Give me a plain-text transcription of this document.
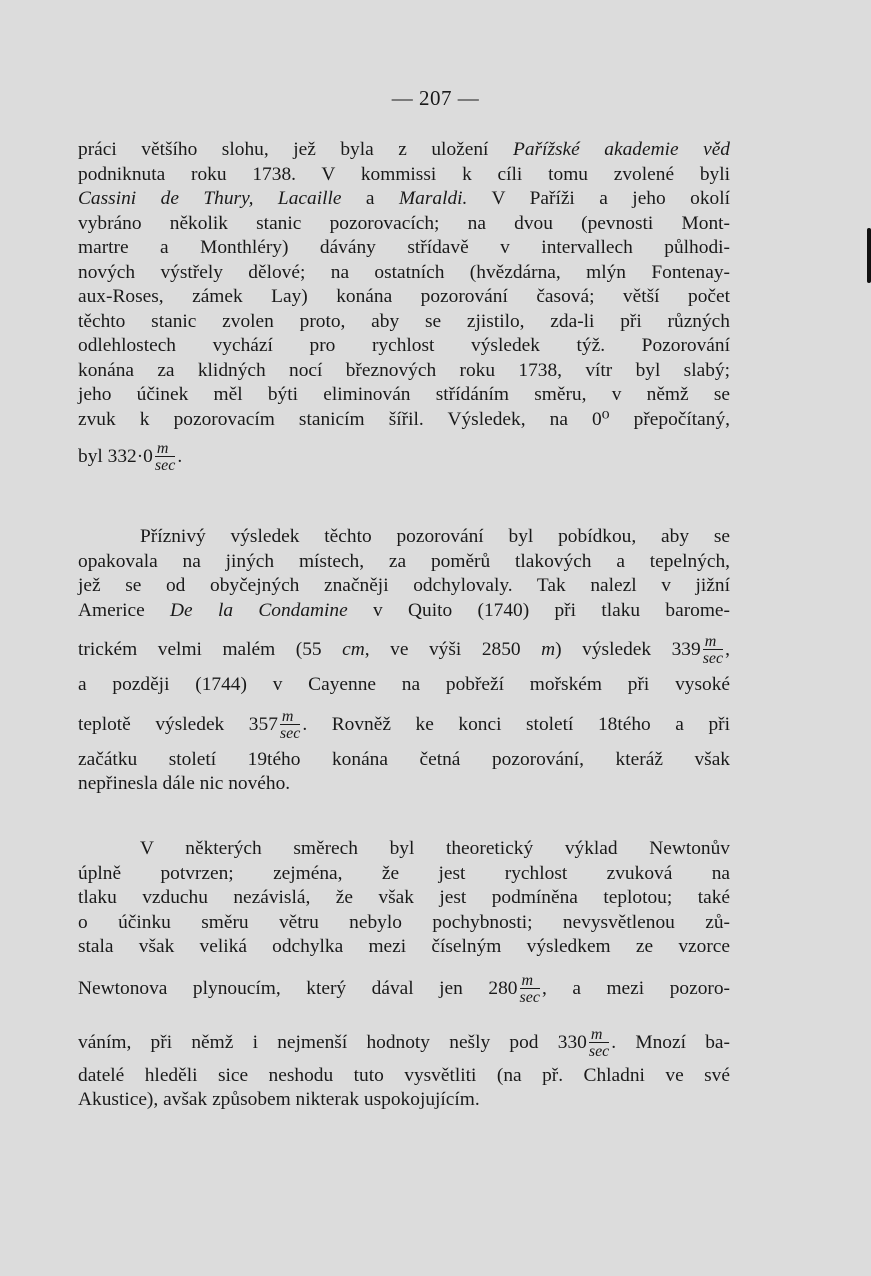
— 207 —
práci většího slohu, jež byla z uložení Pařížské akademie věd
podniknuta roku 1738. V kommissi k cíli tomu zvolené byli
Cassini de Thury, Lacaille a Maraldi. V Paříži a jeho okolí
vybráno několik stanic pozorovacích; na dvou (pevnosti Mont-
martre a Monthléry) dávány střídavě v intervallech půlhodi-
nových výstřely dělové; na ostatních (hvězdárna, mlýn Fontenay-
aux-Roses, zámek Lay) konána pozorování časová; větší počet
těchto stanic zvolen proto, aby se zjistilo, zda-li při různých
odlehlostech vychází pro rychlost výsledek týž. Pozorování
konána za klidných nocí březnových roku 1738, vítr byl slabý;
jeho účinek měl býti eliminován střídáním směru, v němž se
zvuk k pozorovacím stanicím šířil. Výsledek, na 0⁰ přepočítaný,
byl $332\cdot 0 \frac{m}{\sec}$ .
Příznivý výsledek těchto pozorování byl pobídkou, aby se
opakovala na jiných místech, za poměrů tlakových a tepelných,
jež se od obyčejných značněji odchylovaly. Tak nalezl v jižní
Americe De la Condamine v Quito (1740) při tlaku barome-
trickém velmi malém (55 cm, ve výši 2850 m) výsledek $339 \frac{m}{\sec}$ ,
a později (1744) v Cayenne na pobřeží mořském při vysoké
teplotě výsledek $357 \frac{m}{\sec}$ . Rovněž ke konci století 18tého a při
začátku století 19tého konána četná pozorování, kteráž však
nepřinesla dále nic nového.
V některých směrech byl theoretický výklad Newtonův
úplně potvrzen; zejména, že jest rychlost zvuková na
tlaku vzduchu nezávislá, že však jest podmíněna teplotou; také
o účinku směru větru nebylo pochybnosti; nevysvětlenou zů-
stala však veliká odchylka mezi číselným výsledkem ze vzorce
Newtonova plynoucím, který dával jen $280 \frac{m}{\sec}$ , a mezi pozoro-
váním, při němž i nejmenší hodnoty nešly pod $330 \frac{m}{\sec}$ . Mnozí ba-
datelé hleděli sice neshodu tuto vysvětliti (na př. Chladni ve své
Akustice), avšak způsobem nikterak uspokojujícím.
